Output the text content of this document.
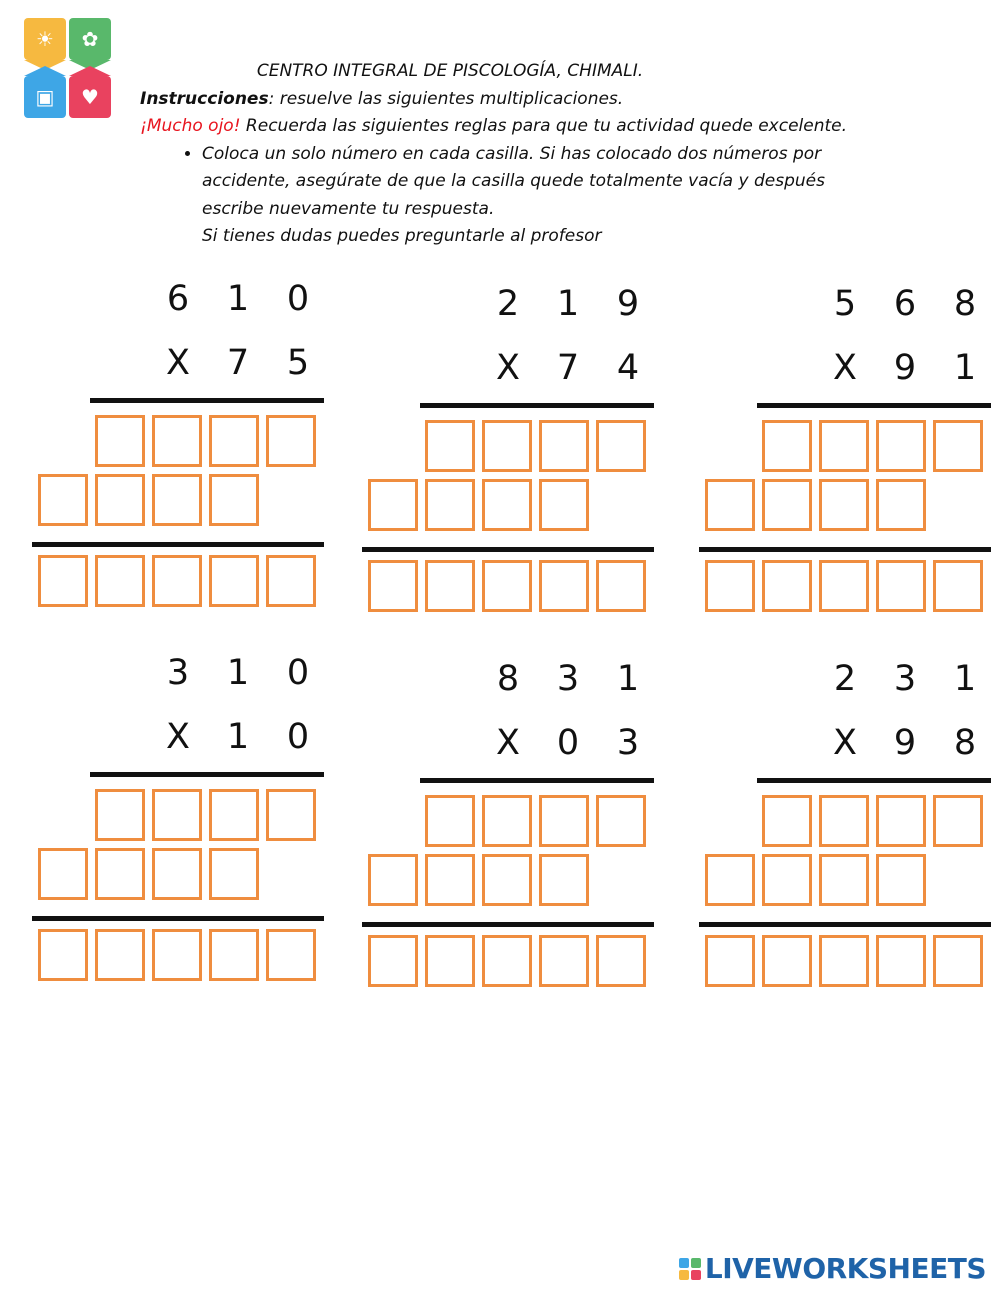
☀	✿
▣	♥
CENTRO INTEGRAL DE PISCOLOGÍA, CHIMALI.
Instrucciones: resuelve las siguientes multiplicaciones.
¡Mucho ojo! Recuerda las siguientes reglas para que tu actividad quede excelente.
• Coloca un solo número en cada casilla. Si has colocado dos números por accidente, asegúrate de que la casilla quede totalmente vacía y después escribe nuevamente tu respuesta.
• Si tienes dudas puedes preguntarle al profesor
6 1 0
X 7 5
2 1 9
X 7 4
5 6 8
X 9 1
3 1 0
X 1 0
8 3 1
X 0 3
2 3 1
X 9 8
LIVEWORKSHEETS
